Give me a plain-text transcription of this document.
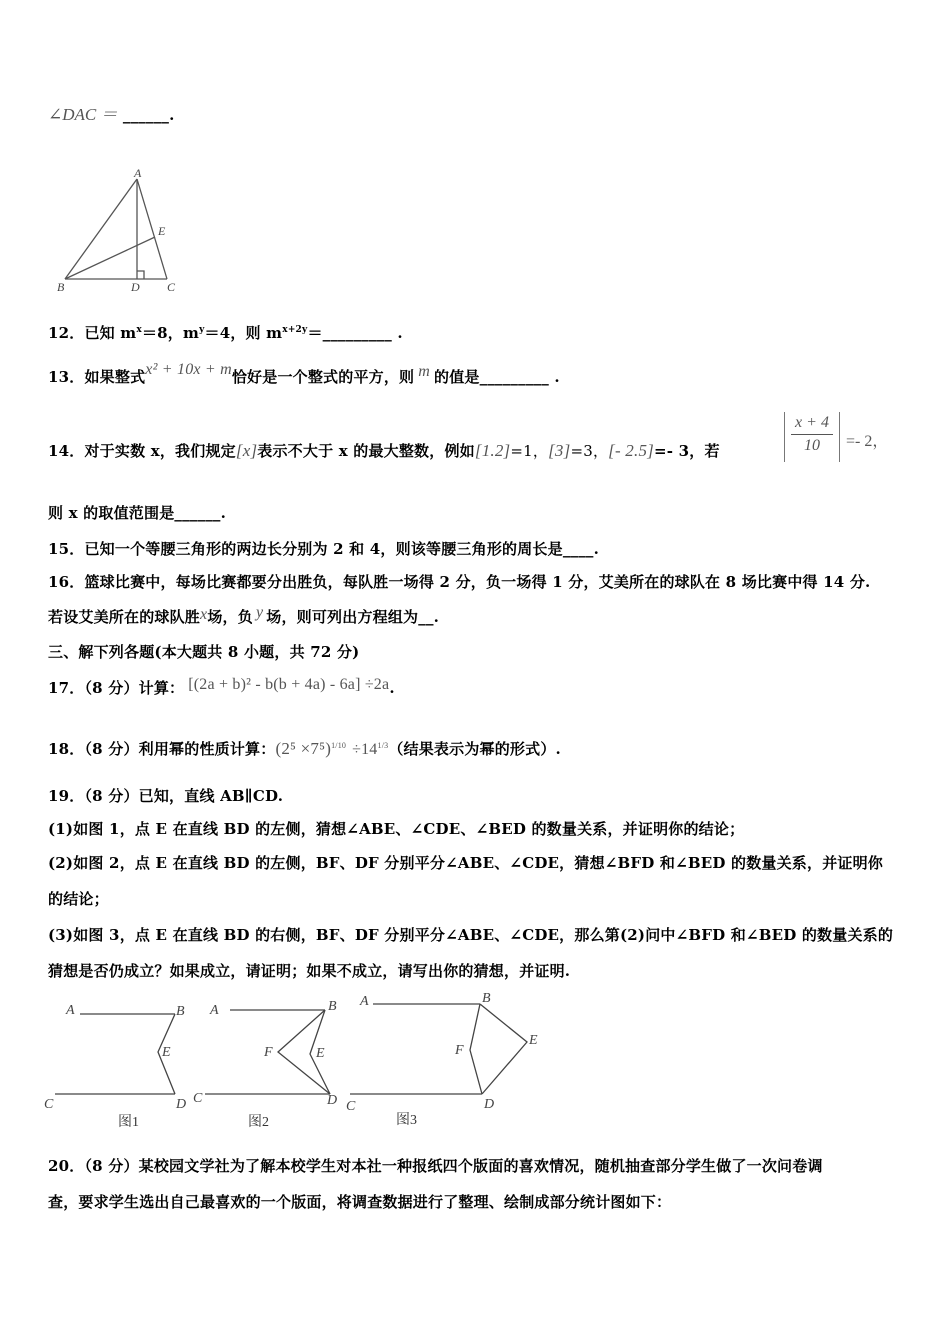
∠DAC ＝ ______.
A
B	C
D
E
12．已知 $m^x=8$，$m^y=4$，则 $m^{x+2y}=\_\_\_\_\_\_\_\_\_$ .
13．如果整式x² + 10x + m恰好是一个整式的平方，则 m 的值是_________ .
14．对于实数 x，我们规定[x]表示不大于 x 的最大整数，例如[1.2]=1，[3]=3，[- 2.5]=- 3，若	$\frac{x + 4}{10} =- 2$，
则 x 的取值范围是______.
15．已知一个等腰三角形的两边长分别为 2 和 4，则该等腰三角形的周长是____.
16．篮球比赛中，每场比赛都要分出胜负，每队胜一场得 2 分，负一场得 1 分，艾美所在的球队在 8 场比赛中得 14 分.
若设艾美所在的球队胜x场，负 y 场，则可列出方程组为__.
三、解下列各题(本大题共 8 小题，共 72 分)
17．（8 分）计算： [(2a + b)² - b(b + 4a) - 6a] ÷2a.
18．（8 分）利用幂的性质计算：$(2^5 \times 7^5)^{1/10} \div 14^{1/3}$（结果表示为幂的形式）.
19．（8 分）已知，直线 AB∥CD.
(1)如图 1，点 E 在直线 BD 的左侧，猜想∠ABE、∠CDE、∠BED 的数量关系，并证明你的结论；
(2)如图 2，点 E 在直线 BD 的左侧，BF、DF 分别平分∠ABE、∠CDE，猜想∠BFD 和∠BED 的数量关系，并证明你
的结论；
(3)如图 3，点 E 在直线 BD 的右侧，BF、DF 分别平分∠ABE、∠CDE，那么第(2)问中∠BFD 和∠BED 的数量关系的
猜想是否仍成立？如果成立，请证明；如果不成立，请写出你的猜想，并证明.
A	B
E
C	D
A	B
F	E
C	D
A	B
F
E
C	D
图1	图2	图3
20．（8 分）某校园文学社为了解本校学生对本社一种报纸四个版面的喜欢情况，随机抽查部分学生做了一次问卷调
查，要求学生选出自己最喜欢的一个版面，将调查数据进行了整理、绘制成部分统计图如下：
